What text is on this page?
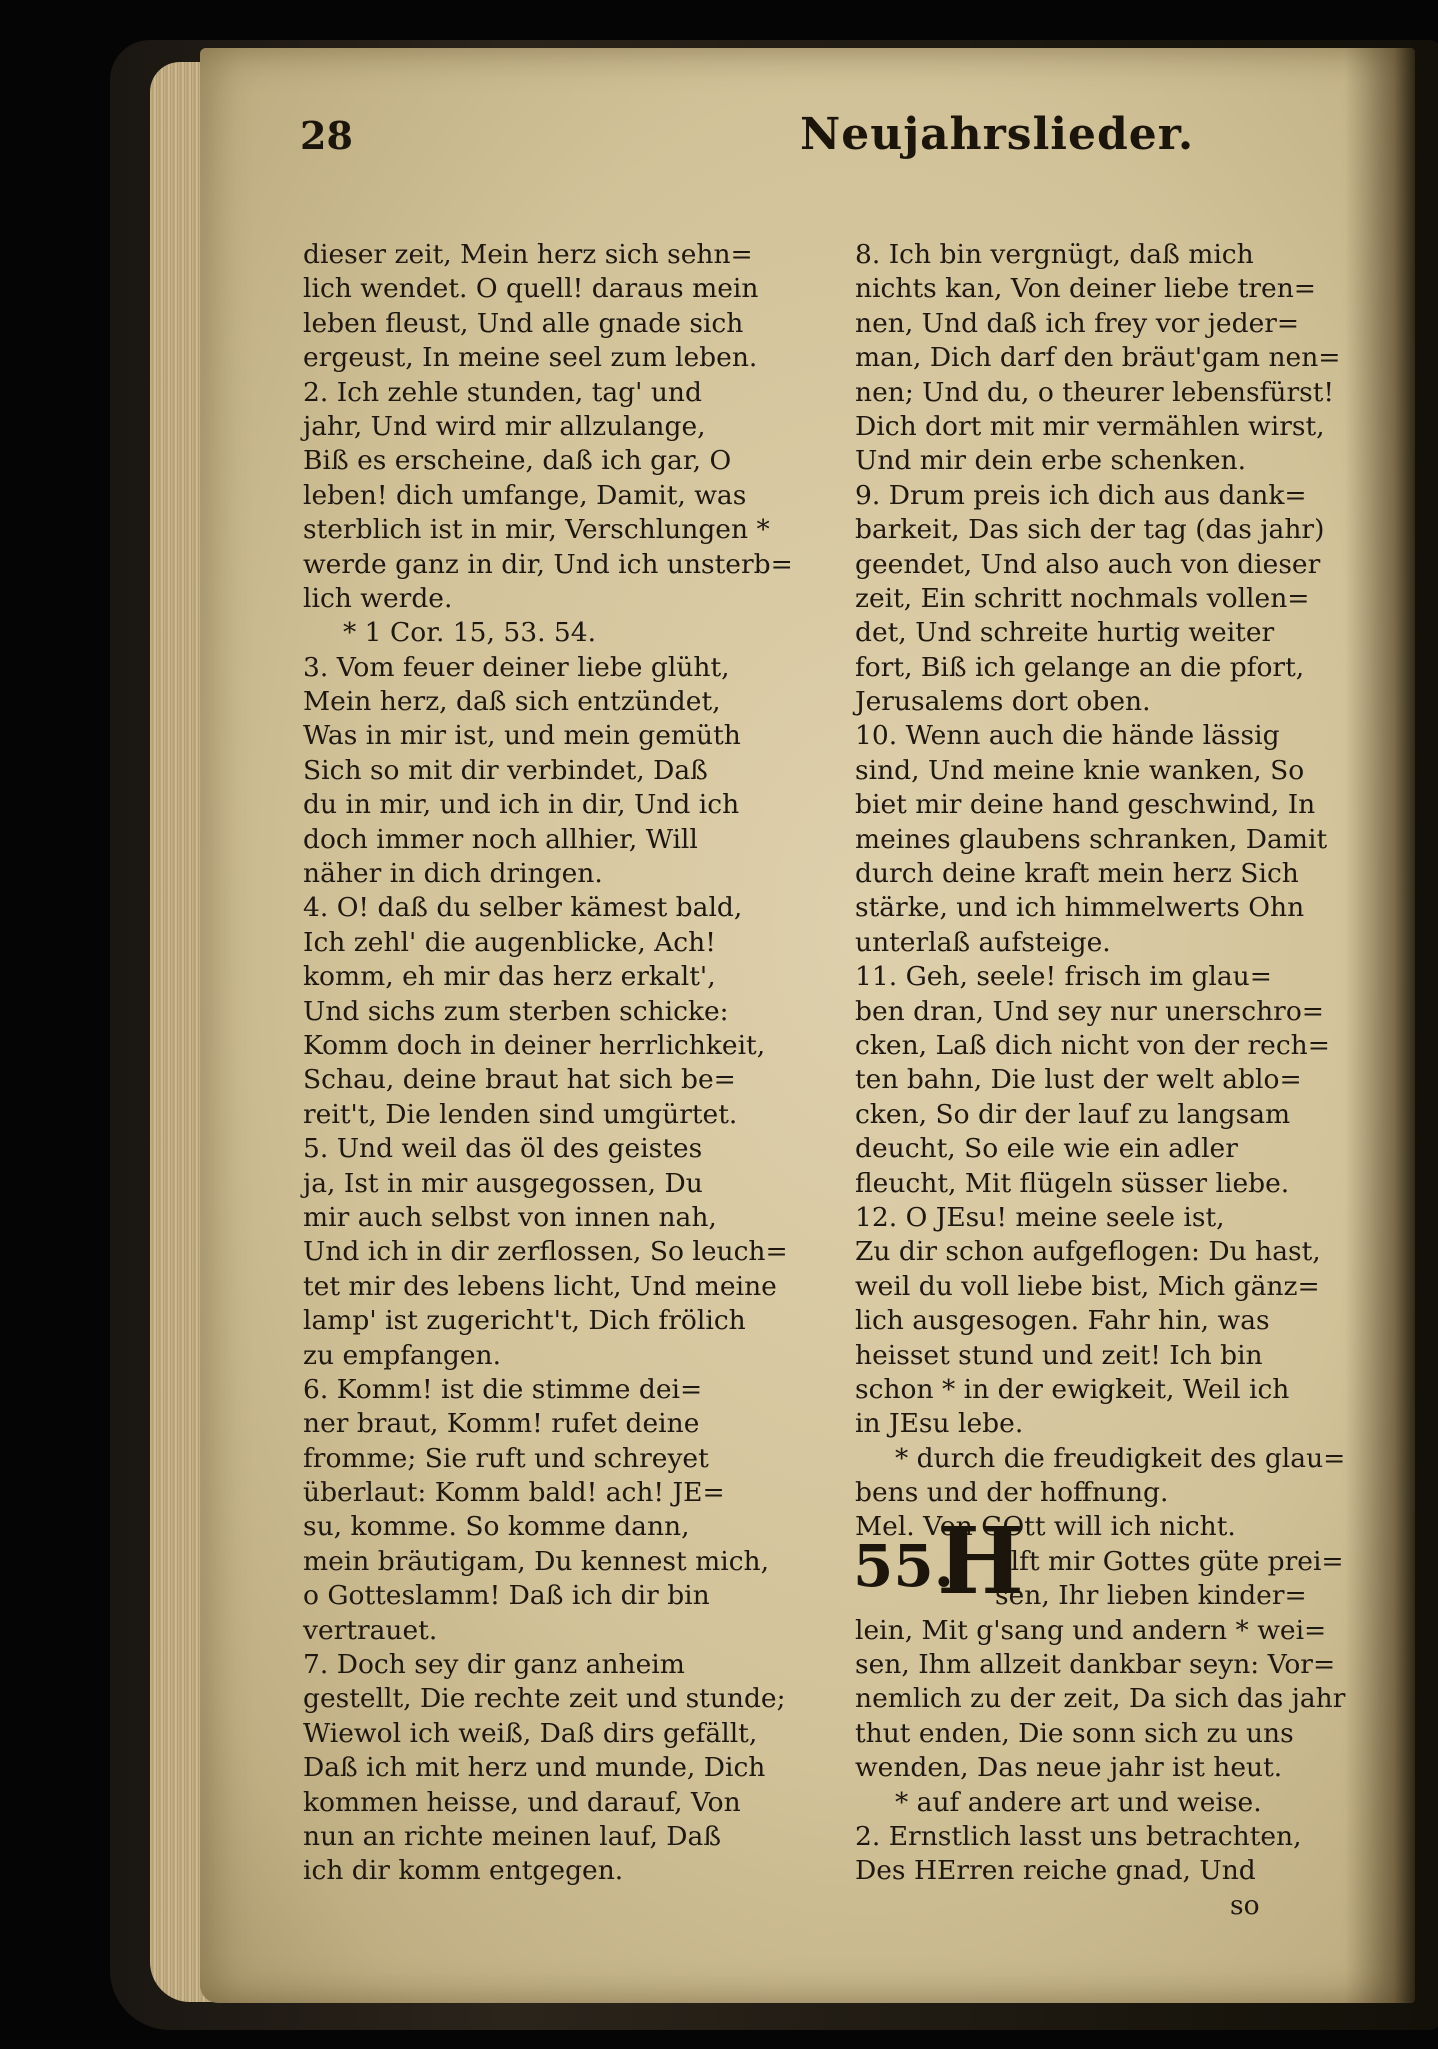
28	Neujahrslieder.
dieser zeit, Mein herz sich sehn=
lich wendet. O quell! daraus mein
leben fleust, Und alle gnade sich
ergeust, In meine seel zum leben.
2. Ich zehle stunden, tag' und
jahr, Und wird mir allzulange,
Biß es erscheine, daß ich gar, O
leben! dich umfange, Damit, was
sterblich ist in mir, Verschlungen *
werde ganz in dir, Und ich unsterb=
lich werde.
* 1 Cor. 15, 53. 54.
3. Vom feuer deiner liebe glüht,
Mein herz, daß sich entzündet,
Was in mir ist, und mein gemüth
Sich so mit dir verbindet, Daß
du in mir, und ich in dir, Und ich
doch immer noch allhier, Will
näher in dich dringen.
4. O! daß du selber kämest bald,
Ich zehl' die augenblicke, Ach!
komm, eh mir das herz erkalt',
Und sichs zum sterben schicke:
Komm doch in deiner herrlichkeit,
Schau, deine braut hat sich be=
reit't, Die lenden sind umgürtet.
5. Und weil das öl des geistes
ja, Ist in mir ausgegossen, Du
mir auch selbst von innen nah,
Und ich in dir zerflossen, So leuch=
tet mir des lebens licht, Und meine
lamp' ist zugericht't, Dich frölich
zu empfangen.
6. Komm! ist die stimme dei=
ner braut, Komm! rufet deine
fromme; Sie ruft und schreyet
überlaut: Komm bald! ach! JE=
su, komme. So komme dann,
mein bräutigam, Du kennest mich,
o Gotteslamm! Daß ich dir bin
vertrauet.
7. Doch sey dir ganz anheim
gestellt, Die rechte zeit und stunde;
Wiewol ich weiß, Daß dirs gefällt,
Daß ich mit herz und munde, Dich
kommen heisse, und darauf, Von
nun an richte meinen lauf, Daß
ich dir komm entgegen.
8. Ich bin vergnügt, daß mich
nichts kan, Von deiner liebe tren=
nen, Und daß ich frey vor jeder=
man, Dich darf den bräut'gam nen=
nen; Und du, o theurer lebensfürst!
Dich dort mit mir vermählen wirst,
Und mir dein erbe schenken.
9. Drum preis ich dich aus dank=
barkeit, Das sich der tag (das jahr)
geendet, Und also auch von dieser
zeit, Ein schritt nochmals vollen=
det, Und schreite hurtig weiter
fort, Biß ich gelange an die pfort,
Jerusalems dort oben.
10. Wenn auch die hände lässig
sind, Und meine knie wanken, So
biet mir deine hand geschwind, In
meines glaubens schranken, Damit
durch deine kraft mein herz Sich
stärke, und ich himmelwerts Ohn
unterlaß aufsteige.
11. Geh, seele! frisch im glau=
ben dran, Und sey nur unerschro=
cken, Laß dich nicht von der rech=
ten bahn, Die lust der welt ablo=
cken, So dir der lauf zu langsam
deucht, So eile wie ein adler
fleucht, Mit flügeln süsser liebe.
12. O JEsu! meine seele ist,
Zu dir schon aufgeflogen: Du hast,
weil du voll liebe bist, Mich gänz=
lich ausgesogen. Fahr hin, was
heisset stund und zeit! Ich bin
schon * in der ewigkeit, Weil ich
in JEsu lebe.
* durch die freudigkeit des glau=
bens und der hoffnung.
Mel. Von GOtt will ich nicht.
55.
H
elft mir Gottes güte prei=
sen, Ihr lieben kinder=
lein, Mit g'sang und andern * wei=
sen, Ihm allzeit dankbar seyn: Vor=
nemlich zu der zeit, Da sich das jahr
thut enden, Die sonn sich zu uns
wenden, Das neue jahr ist heut.
* auf andere art und weise.
2. Ernstlich lasst uns betrachten,
Des HErren reiche gnad, Und
so
